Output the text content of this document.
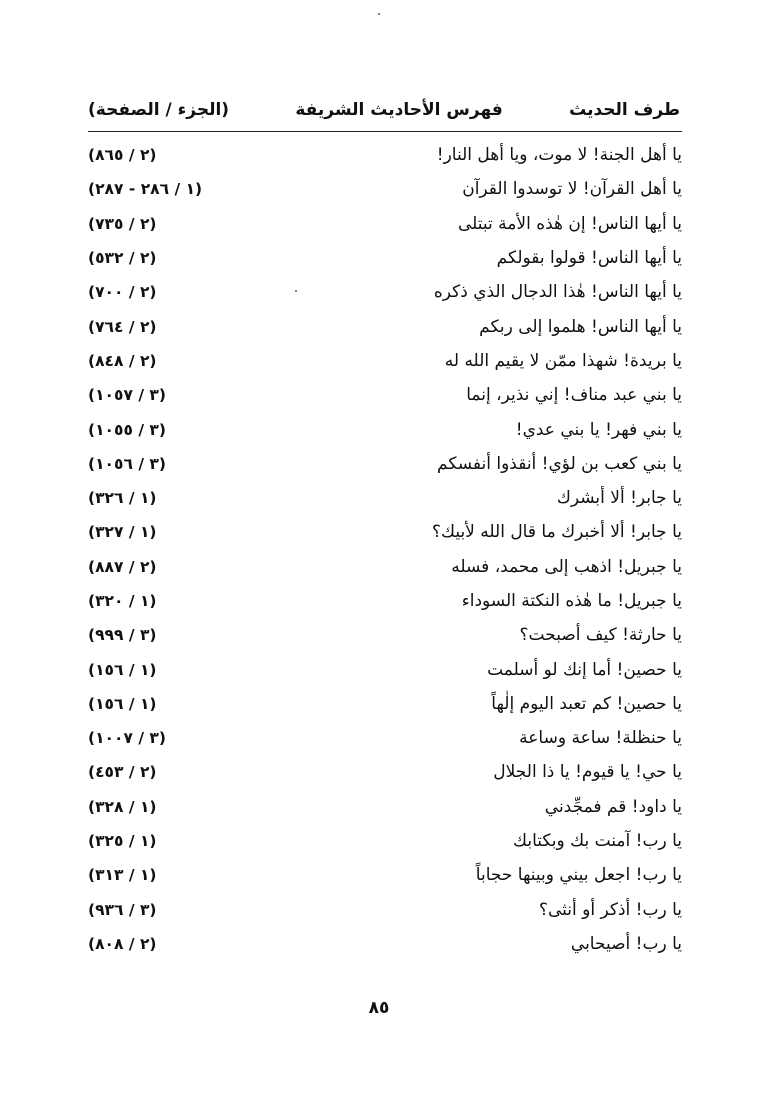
طرف الحديث
فهرس الأحاديث الشريفة
(الجزء / الصفحة)
يا أهل الجنة! لا موت، ويا أهل النار!
(٢ / ٨٦٥)
يا أهل القرآن! لا توسدوا القرآن
(١ / ٢٨٦ - ٢٨٧)
يا أيها الناس! إن هٰذه الأمة تبتلى
(٢ / ٧٣٥)
يا أيها الناس! قولوا بقولكم
(٢ / ٥٣٢)
يا أيها الناس! هٰذا الدجال الذي ذكره
(٢ / ٧٠٠)
يا أيها الناس! هلموا إلى ربكم
(٢ / ٧٦٤)
يا بريدة! شهذا ممّن لا يقيم الله له
(٢ / ٨٤٨)
يا بني عبد مناف! إني نذير، إنما
(٣ / ١٠٥٧)
يا بني فهر! يا بني عدي!
(٣ / ١٠٥٥)
يا بني كعب بن لؤي! أنقذوا أنفسكم
(٣ / ١٠٥٦)
يا جابر! ألا أبشرك
(١ / ٣٢٦)
يا جابر! ألا أخبرك ما قال الله لأبيك؟
(١ / ٣٢٧)
يا جبريل! اذهب إلى محمد، فسله
(٢ / ٨٨٧)
يا جبريل! ما هٰذه النكتة السوداء
(١ / ٣٢٠)
يا حارثة! كيف أصبحت؟
(٣ / ٩٩٩)
يا حصين! أما إنك لو أسلمت
(١ / ١٥٦)
يا حصين! كم تعبد اليوم إلٰهاً
(١ / ١٥٦)
يا حنظلة! ساعة وساعة
(٣ / ١٠٠٧)
يا حي! يا قيوم! يا ذا الجلال
(٢ / ٤٥٣)
يا داود! قم فمجِّدني
(١ / ٣٢٨)
يا رب! آمنت بك وبكتابك
(١ / ٣٢٥)
يا رب! اجعل بيني وبينها حجاباً
(١ / ٣١٣)
يا رب! أذكر أو أنثى؟
(٣ / ٩٣٦)
يا رب! أصيحابي
(٢ / ٨٠٨)
٨٥
